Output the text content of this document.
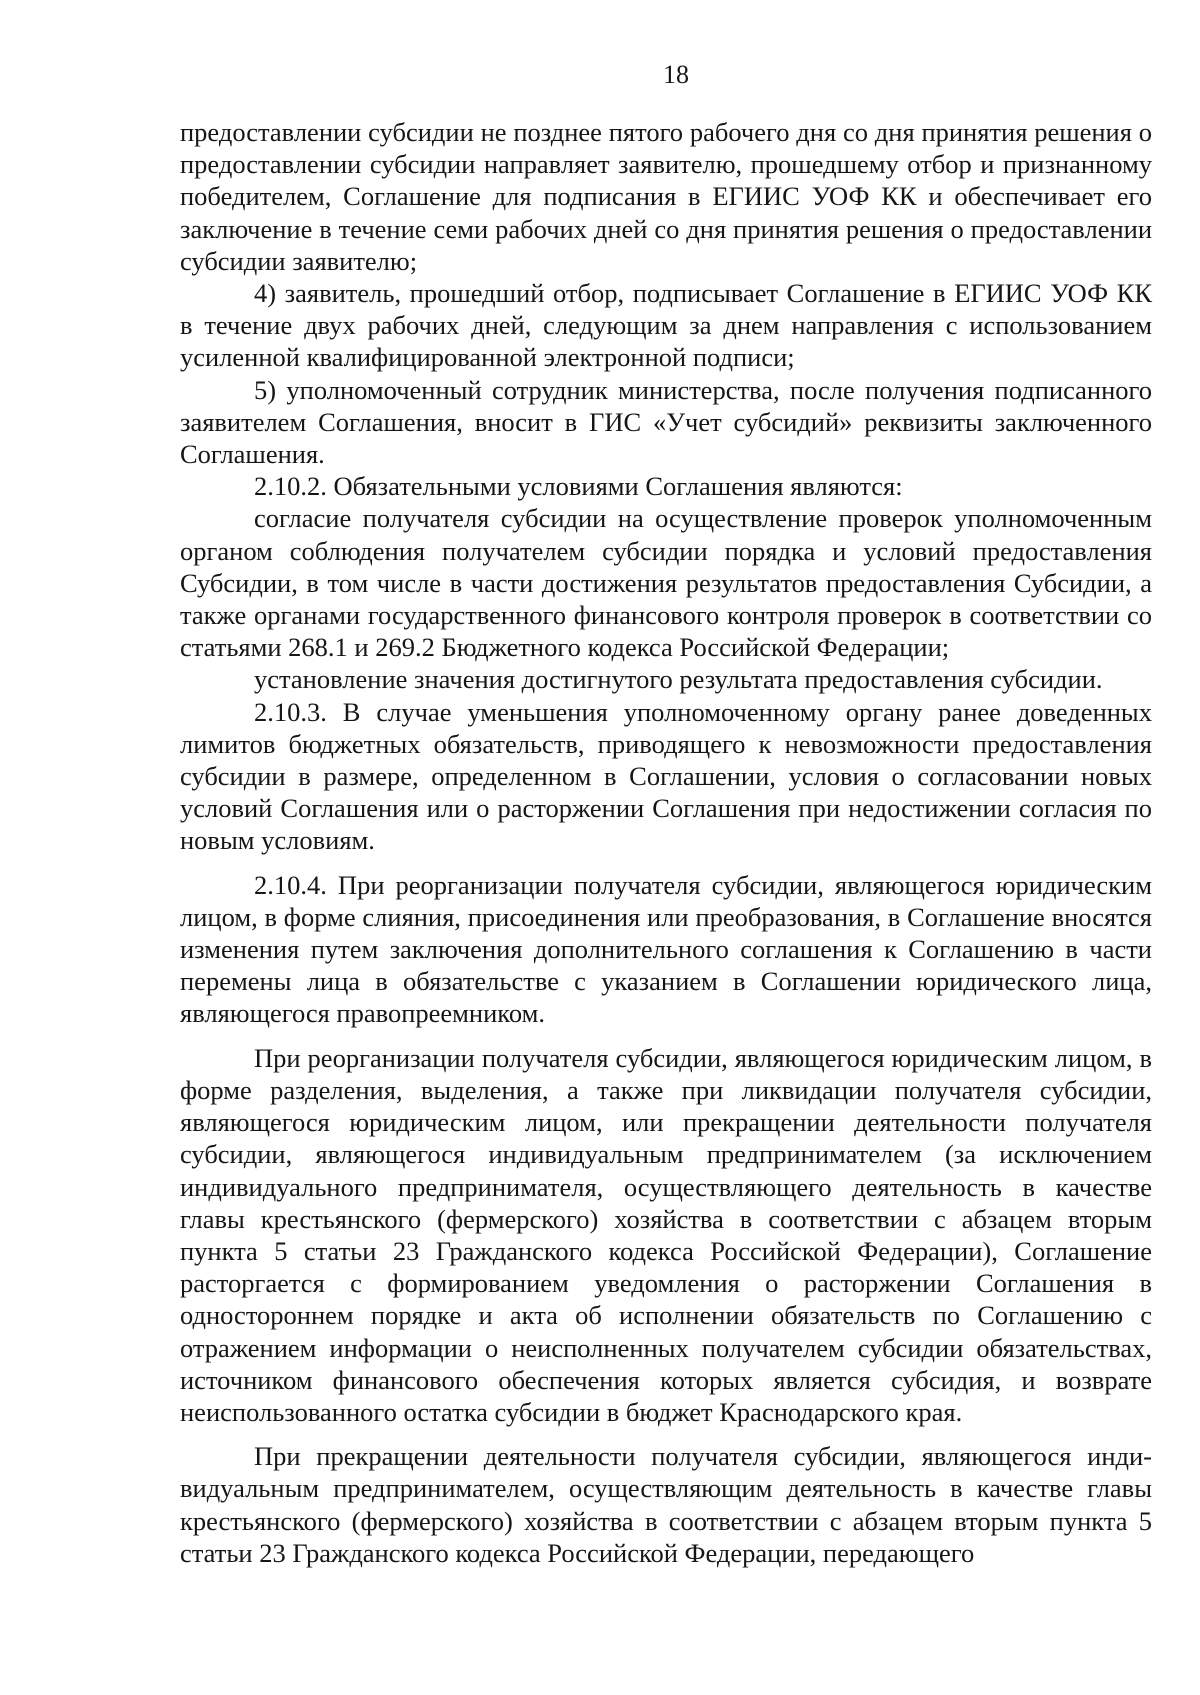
18

предоставлении субсидии не позднее пятого рабочего дня со дня принятия решения о предоставлении субсидии направляет заявителю, прошедшему отбор и признанному победителем, Соглашение для подписания в ЕГИИС УОФ КК и обеспечивает его заключение в течение семи рабочих дней со дня принятия решения о предоставлении субсидии заявителю;

4) заявитель, прошедший отбор, подписывает Соглашение в ЕГИИС УОФ КК в течение двух рабочих дней, следующим за днем направления с использованием усиленной квалифицированной электронной подписи;

5) уполномоченный сотрудник министерства, после получения подписанного заявителем Соглашения, вносит в ГИС «Учет субсидий» реквизиты заключенного Соглашения.

2.10.2. Обязательными условиями Соглашения являются:

согласие получателя субсидии на осуществление проверок уполномоченным органом соблюдения получателем субсидии порядка и условий предоставления Субсидии, в том числе в части достижения результатов предоставления Субсидии, а также органами государственного финансового контроля проверок в соответствии со статьями 268.1 и 269.2 Бюджетного кодекса Российской Федерации;

установление значения достигнутого результата предоставления субсидии.

2.10.3. В случае уменьшения уполномоченному органу ранее доведенных лимитов бюджетных обязательств, приводящего к невозможности предоставления субсидии в размере, определенном в Соглашении, условия о согласовании новых условий Соглашения или о расторжении Соглашения при недостижении согласия по новым условиям.

2.10.4. При реорганизации получателя субсидии, являющегося юридическим лицом, в форме слияния, присоединения или преобразования, в Соглашение вносятся изменения путем заключения дополнительного соглашения к Соглашению в части перемены лица в обязательстве с указанием в Соглашении юридического лица, являющегося правопреемником.

При реорганизации получателя субсидии, являющегося юридическим лицом, в форме разделения, выделения, а также при ликвидации получателя субсидии, являющегося юридическим лицом, или прекращении деятельности получателя субсидии, являющегося индивидуальным предпринимателем (за исключением индивидуального предпринимателя, осуществляющего деятельность в качестве главы крестьянского (фермерского) хозяйства в соответствии с абзацем вторым пункта 5 статьи 23 Гражданского кодекса Российской Федерации), Соглашение расторгается с формированием уведомления о расторжении Соглашения в одностороннем порядке и акта об исполнении обязательств по Соглашению с отражением информации о неисполненных получателем субсидии обязательствах, источником финансового обеспечения которых является субсидия, и возврате неиспользованного остатка субсидии в бюджет Краснодарского края.

При прекращении деятельности получателя субсидии, являющегося индивидуальным предпринимателем, осуществляющим деятельность в качестве главы крестьянского (фермерского) хозяйства в соответствии с абзацем вторым пункта 5 статьи 23 Гражданского кодекса Российской Федерации, передающего
